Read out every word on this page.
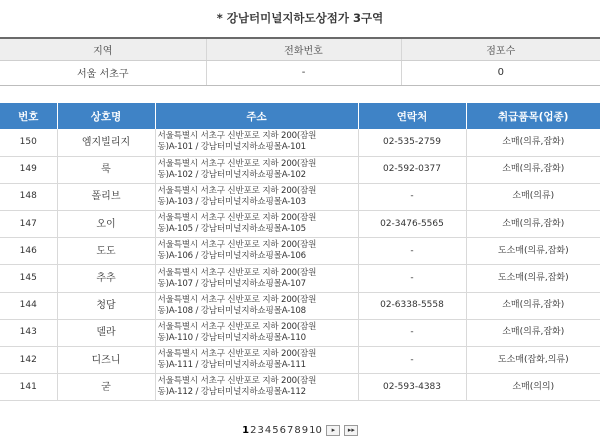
* 강남터미널지하도상점가 3구역
지역	전화번호	점포수
서울 서초구	-	0
번호	상호명	주소	연락처	취급품목(업종)
150	엠지빌리지	서울특별시 서초구 신반포로 지하 200(잠원
동)A-101 / 강남터미널지하쇼핑몰A-101	02-535-2759	소매(의류,잡화)
149	룩	서울특별시 서초구 신반포로 지하 200(잠원
동)A-102 / 강남터미널지하쇼핑몰A-102	02-592-0377	소매(의류,잡화)
148	폴리브	서울특별시 서초구 신반포로 지하 200(잠원
동)A-103 / 강남터미널지하쇼핑몰A-103	-	소매(의류)
147	오이	서울특별시 서초구 신반포로 지하 200(잠원
동)A-105 / 강남터미널지하쇼핑몰A-105	02-3476-5565	소매(의류,잡화)
146	도도	서울특별시 서초구 신반포로 지하 200(잠원
동)A-106 / 강남터미널지하쇼핑몰A-106	-	도소매(의류,잡화)
145	추추	서울특별시 서초구 신반포로 지하 200(잠원
동)A-107 / 강남터미널지하쇼핑몰A-107	-	도소매(의류,잡화)
144	청담	서울특별시 서초구 신반포로 지하 200(잠원
동)A-108 / 강남터미널지하쇼핑몰A-108	02-6338-5558	소매(의류,잡화)
143	델라	서울특별시 서초구 신반포로 지하 200(잠원
동)A-110 / 강남터미널지하쇼핑몰A-110	-	소매(의류,잡화)
142	디즈니	서울특별시 서초구 신반포로 지하 200(잠원
동)A-111 / 강남터미널지하쇼핑몰A-111	-	도소매(잡화,의류)
141	굳	서울특별시 서초구 신반포로 지하 200(잠원
동)A-112 / 강남터미널지하쇼핑몰A-112	02-593-4383	소매(의의)
12345678910 ▸ ▸▸
